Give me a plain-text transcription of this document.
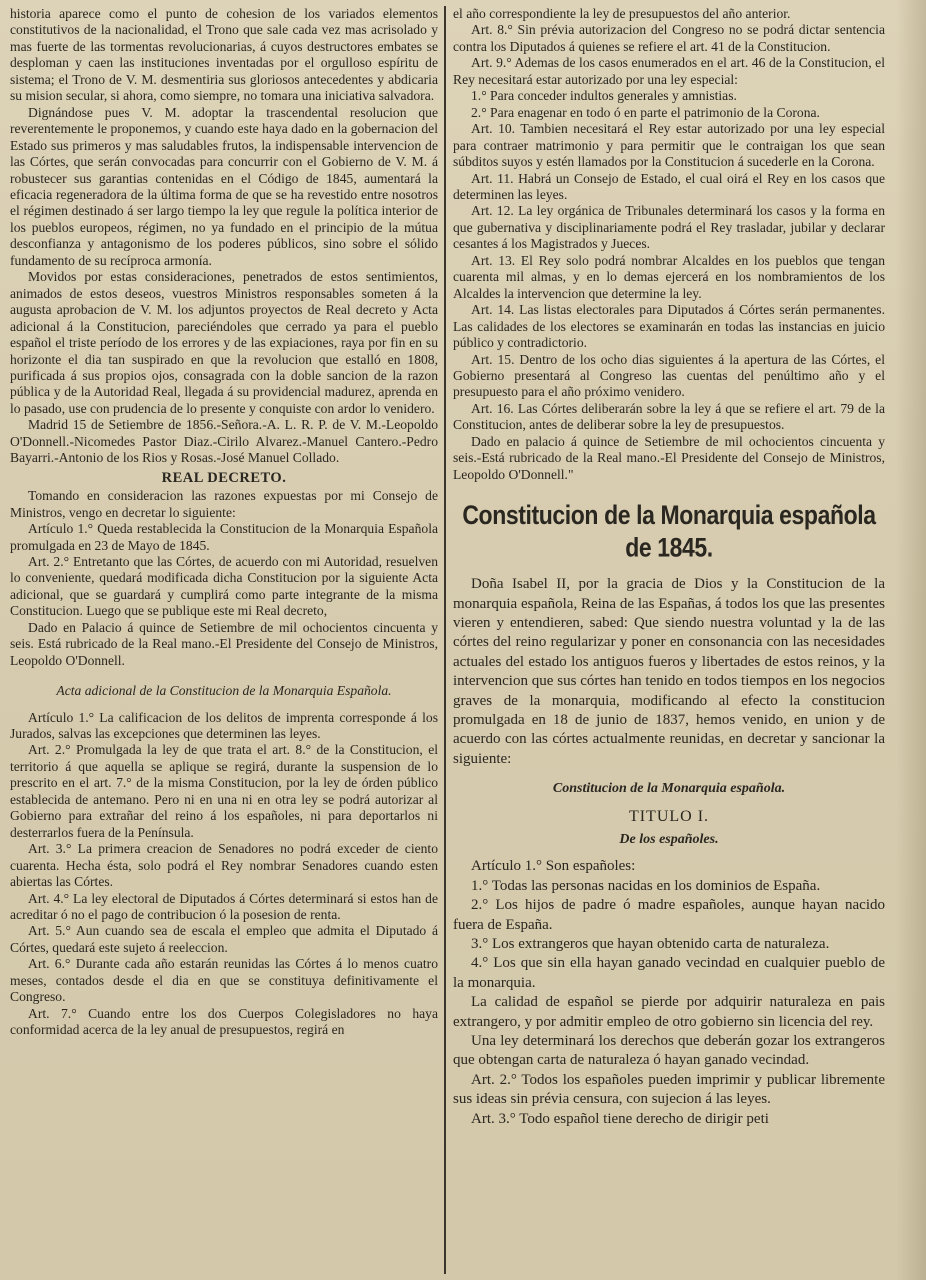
historia aparece como el punto de cohesion de los variados elementos constitutivos de la nacionalidad, el Trono que sale cada vez mas acrisolado y mas fuerte de las tormentas revolucionarias, á cuyos destructores embates se desploman y caen las instituciones inventadas por el orgulloso espíritu de sistema; el Trono de V. M. desmentiria sus gloriosos antecedentes y abdicaria su mision secular, si ahora, como siempre, no tomara una iniciativa salvadora.

Dignándose pues V. M. adoptar la trascendental resolucion que reverentemente le proponemos, y cuando este haya dado en la gobernacion del Estado sus primeros y mas saludables frutos, la indispensable intervencion de las Córtes, que serán convocadas para concurrir con el Gobierno de V. M. á robustecer sus garantias contenidas en el Código de 1845, aumentará la eficacia regeneradora de la última forma de que se ha revestido entre nosotros el régimen destinado á ser largo tiempo la ley que regule la política interior de los pueblos europeos, régimen, no ya fundado en el principio de la mútua desconfianza y antagonismo de los poderes públicos, sino sobre el sólido fundamento de su recíproca armonía.

Movidos por estas consideraciones, penetrados de estos sentimientos, animados de estos deseos, vuestros Ministros responsables someten á la augusta aprobacion de V. M. los adjuntos proyectos de Real decreto y Acta adicional á la Constitucion, pareciéndoles que cerrado ya para el pueblo español el triste período de los errores y de las expiaciones, raya por fin en su horizonte el dia tan suspirado en que la revolucion que estalló en 1808, purificada á sus propios ojos, consagrada con la doble sancion de la razon pública y de la Autoridad Real, llegada á su providencial madurez, aprenda en lo pasado, use con prudencia de lo presente y conquiste con ardor lo venidero.

Madrid 15 de Setiembre de 1856.-Señora.-A. L. R. P. de V. M.-Leopoldo O'Donnell.-Nicomedes Pastor Diaz.-Cirilo Alvarez.-Manuel Cantero.-Pedro Bayarri.-Antonio de los Rios y Rosas.-José Manuel Collado.

REAL DECRETO.

Tomando en consideracion las razones expuestas por mi Consejo de Ministros, vengo en decretar lo siguiente:

Artículo 1.° Queda restablecida la Constitucion de la Monarquia Española promulgada en 23 de Mayo de 1845.

Art. 2.° Entretanto que las Córtes, de acuerdo con mi Autoridad, resuelven lo conveniente, quedará modificada dicha Constitucion por la siguiente Acta adicional, que se guardará y cumplirá como parte integrante de la misma Constitucion. Luego que se publique este mi Real decreto,

Dado en Palacio á quince de Setiembre de mil ochocientos cincuenta y seis. Está rubricado de la Real mano.-El Presidente del Consejo de Ministros, Leopoldo O'Donnell.

Acta adicional de la Constitucion de la Monarquia Española.

Artículo 1.° La calificacion de los delitos de imprenta corresponde á los Jurados, salvas las excepciones que determinen las leyes.

Art. 2.° Promulgada la ley de que trata el art. 8.° de la Constitucion, el territorio á que aquella se aplique se regirá, durante la suspension de lo prescrito en el art. 7.° de la misma Constitucion, por la ley de órden público establecida de antemano. Pero ni en una ni en otra ley se podrá autorizar al Gobierno para extrañar del reino á los españoles, ni para deportarlos ni desterrarlos fuera de la Península.

Art. 3.° La primera creacion de Senadores no podrá exceder de ciento cuarenta. Hecha ésta, solo podrá el Rey nombrar Senadores cuando esten abiertas las Córtes.

Art. 4.° La ley electoral de Diputados á Córtes determinará si estos han de acreditar ó no el pago de contribucion ó la posesion de renta.

Art. 5.° Aun cuando sea de escala el empleo que admita el Diputado á Córtes, quedará este sujeto á reeleccion.

Art. 6.° Durante cada año estarán reunidas las Córtes á lo menos cuatro meses, contados desde el dia en que se constituya definitivamente el Congreso.

Art. 7.° Cuando entre los dos Cuerpos Colegisladores no haya conformidad acerca de la ley anual de presupuestos, regirá en

el año correspondiente la ley de presupuestos del año anterior.

Art. 8.° Sin prévia autorizacion del Congreso no se podrá dictar sentencia contra los Diputados á quienes se refiere el art. 41 de la Constitucion.

Art. 9.° Ademas de los casos enumerados en el art. 46 de la Constitucion, el Rey necesitará estar autorizado por una ley especial:

1.° Para conceder indultos generales y amnistias.

2.° Para enagenar en todo ó en parte el patrimonio de la Corona.

Art. 10. Tambien necesitará el Rey estar autorizado por una ley especial para contraer matrimonio y para permitir que le contraigan los que sean súbditos suyos y estén llamados por la Constitucion á sucederle en la Corona.

Art. 11. Habrá un Consejo de Estado, el cual oirá el Rey en los casos que determinen las leyes.

Art. 12. La ley orgánica de Tribunales determinará los casos y la forma en que gubernativa y disciplinariamente podrá el Rey trasladar, jubilar y declarar cesantes á los Magistrados y Jueces.

Art. 13. El Rey solo podrá nombrar Alcaldes en los pueblos que tengan cuarenta mil almas, y en lo demas ejercerá en los nombramientos de los Alcaldes la intervencion que determine la ley.

Art. 14. Las listas electorales para Diputados á Córtes serán permanentes. Las calidades de los electores se examinarán en todas las instancias en juicio público y contradictorio.

Art. 15. Dentro de los ocho dias siguientes á la apertura de las Córtes, el Gobierno presentará al Congreso las cuentas del penúltimo año y el presupuesto para el año próximo venidero.

Art. 16. Las Córtes deliberarán sobre la ley á que se refiere el art. 79 de la Constitucion, antes de deliberar sobre la ley de presupuestos.

Dado en palacio á quince de Setiembre de mil ochocientos cincuenta y seis.-Está rubricado de la Real mano.-El Presidente del Consejo de Ministros, Leopoldo O'Donnell."

Constitucion de la Monarquia española de 1845.

Doña Isabel II, por la gracia de Dios y la Constitucion de la monarquia española, Reina de las Españas, á todos los que las presentes vieren y entendieren, sabed: Que siendo nuestra voluntad y la de las córtes del reino regularizar y poner en consonancia con las necesidades actuales del estado los antiguos fueros y libertades de estos reinos, y la intervencion que sus córtes han tenido en todos tiempos en los negocios graves de la monarquia, modificando al efecto la constitucion promulgada en 18 de junio de 1837, hemos venido, en union y de acuerdo con las córtes actualmente reunidas, en decretar y sancionar la siguiente:

Constitucion de la Monarquia española.

TITULO I.

De los españoles.

Artículo 1.° Son españoles:

1.° Todas las personas nacidas en los dominios de España.

2.° Los hijos de padre ó madre españoles, aunque hayan nacido fuera de España.

3.° Los extrangeros que hayan obtenido carta de naturaleza.

4.° Los que sin ella hayan ganado vecindad en cualquier pueblo de la monarquia.

La calidad de español se pierde por adquirir naturaleza en pais extrangero, y por admitir empleo de otro gobierno sin licencia del rey.

Una ley determinará los derechos que deberán gozar los extrangeros que obtengan carta de naturaleza ó hayan ganado vecindad.

Art. 2.° Todos los españoles pueden imprimir y publicar libremente sus ideas sin prévia censura, con sujecion á las leyes.

Art. 3.° Todo español tiene derecho de dirigir peti
